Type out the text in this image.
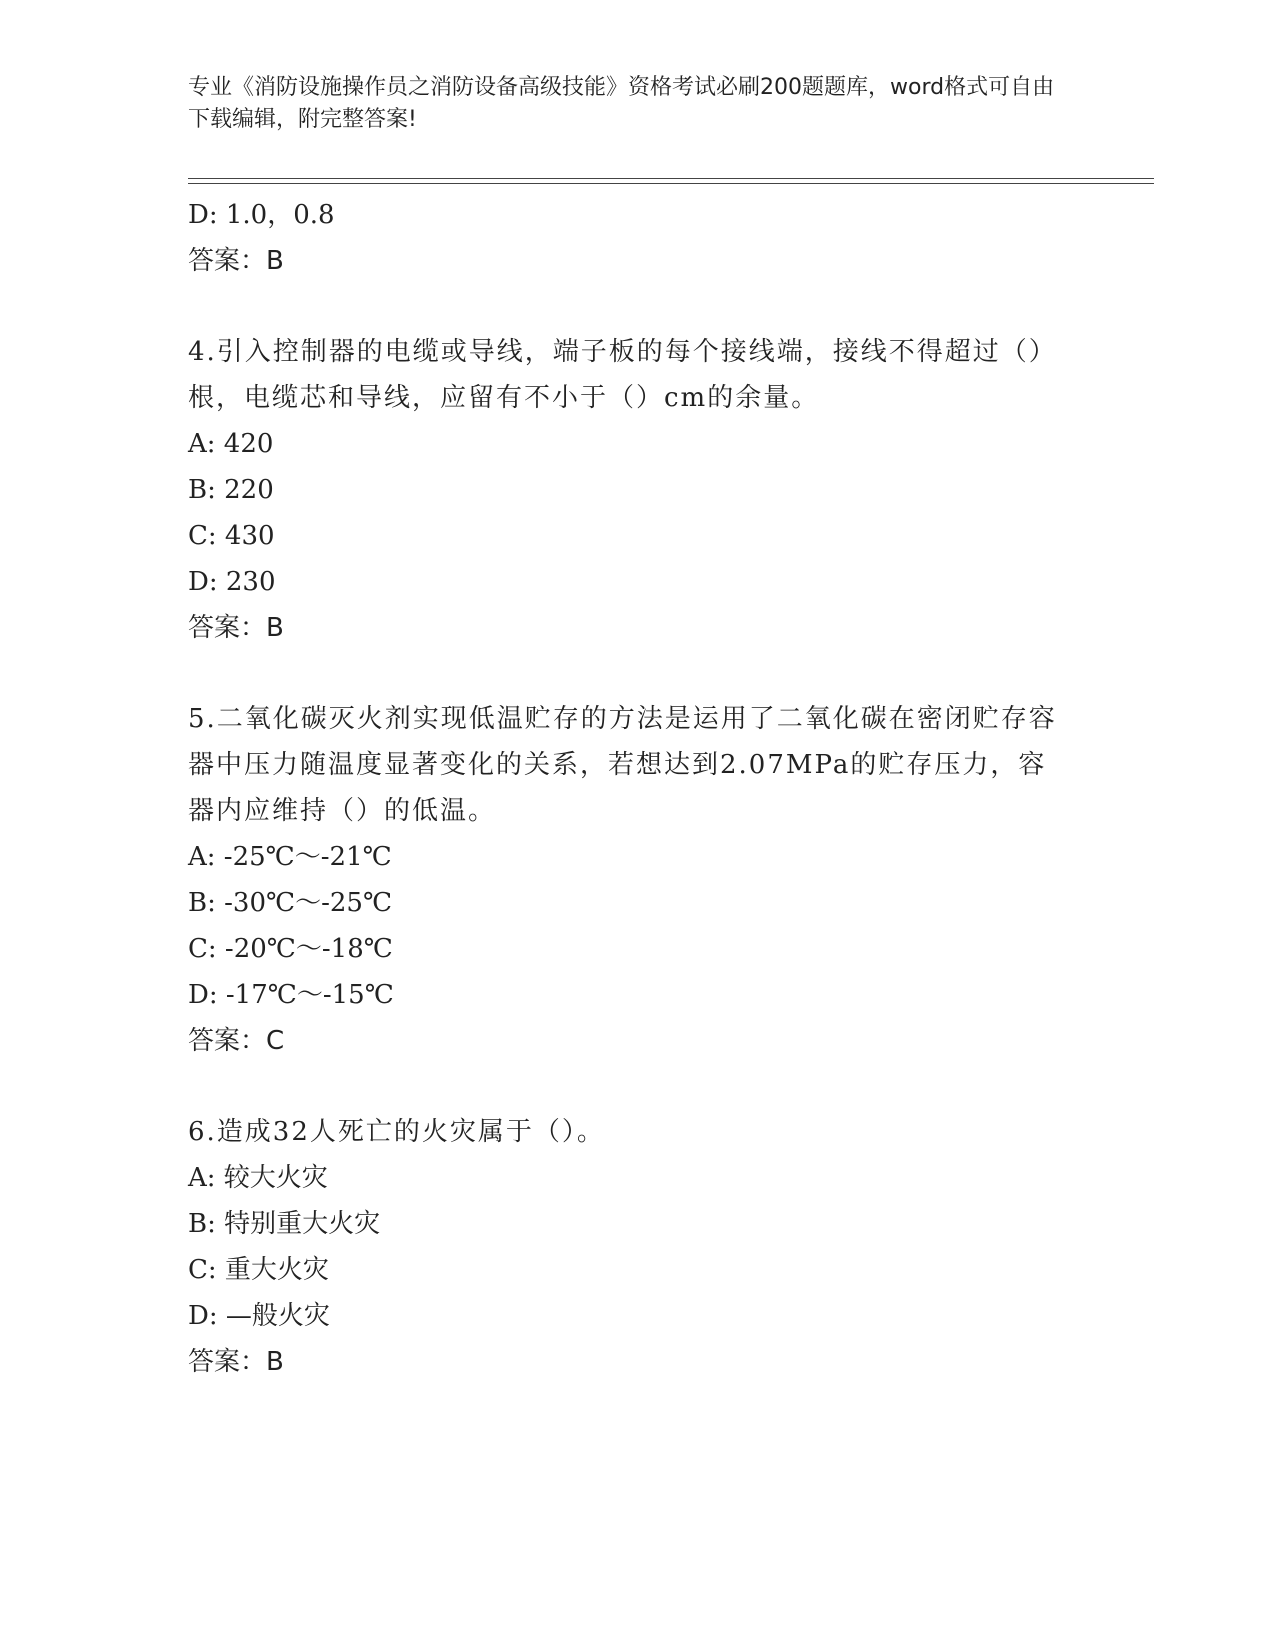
专业《消防设施操作员之消防设备高级技能》资格考试必刷200题题库，word格式可自由下载编辑，附完整答案!
D: 1.0，0.8
答案：B
4.引入控制器的电缆或导线，端子板的每个接线端，接线不得超过（）根，电缆芯和导线，应留有不小于（）cm的余量。
A: 420
B: 220
C: 430
D: 230
答案：B
5.二氧化碳灭火剂实现低温贮存的方法是运用了二氧化碳在密闭贮存容器中压力随温度显著变化的关系，若想达到2.07MPa的贮存压力，容器内应维持（）的低温。
A: -25℃～-21℃
B: -30℃～-25℃
C: -20℃～-18℃
D: -17℃～-15℃
答案：C
6.造成32人死亡的火灾属于（）。
A: 较大火灾
B: 特别重大火灾
C: 重大火灾
D: —般火灾
答案：B
